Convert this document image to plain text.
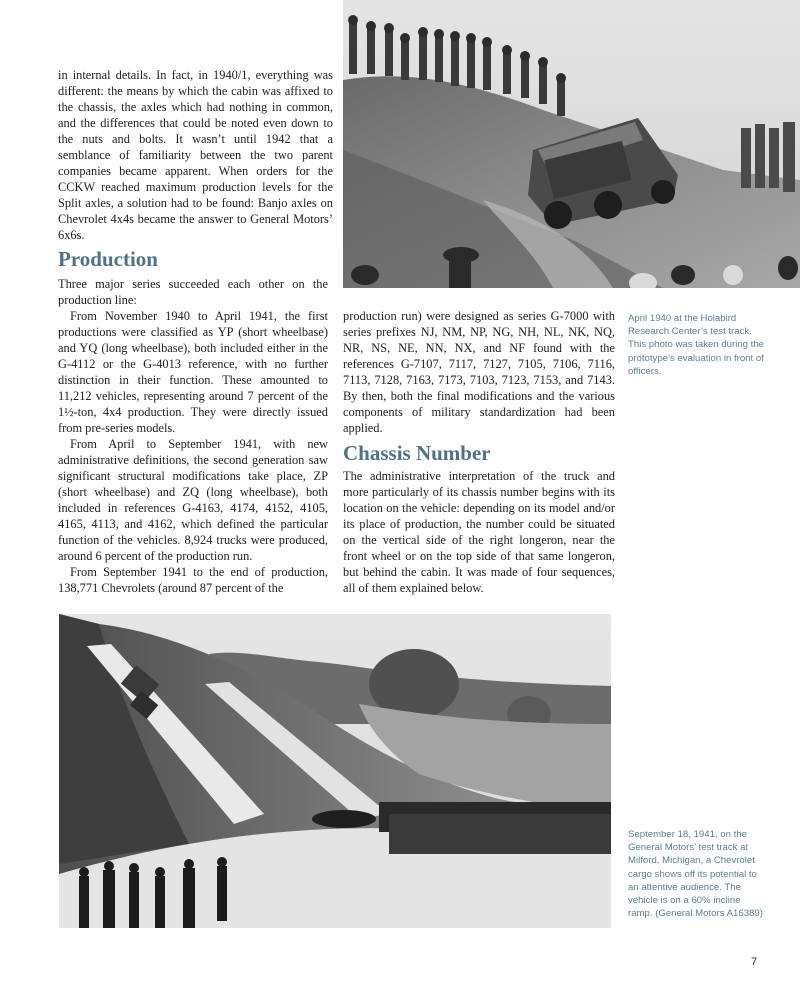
April 1940 at the Holabird Research Center’s test track. This photo was taken during the prototype’s evaluation in front of officers.

in internal details. In fact, in 1940/1, everything was different: the means by which the cabin was affixed to the chassis, the axles which had nothing in common, and the differences that could be noted even down to the nuts and bolts. It wasn’t until 1942 that a semblance of familiarity between the two parent companies became apparent. When orders for the CCKW reached maximum production levels for the Split axles, a solution had to be found: Banjo axles on Chevrolet 4x4s became the answer to General Motors’ 6x6s.

Production

Three major series succeeded each other on the production line:

From November 1940 to April 1941, the first productions were classified as YP (short wheelbase) and YQ (long wheelbase), both included either in the G-4112 or the G-4013 reference, with no further distinction in their function. These amounted to 11,212 vehicles, representing around 7 percent of the 1½-ton, 4x4 production. They were directly issued from pre-series models.

From April to September 1941, with new administrative definitions, the second generation saw significant structural modifications take place, ZP (short wheelbase) and ZQ (long wheelbase), both included in references G-4163, 4174, 4152, 4105, 4165, 4113, and 4162, which defined the particular function of the vehicles. 8,924 trucks were produced, around 6 percent of the production run.

From September 1941 to the end of production, 138,771 Chevrolets (around 87 percent of the

production run) were designed as series G-7000 with series prefixes NJ, NM, NP, NG, NH, NL, NK, NQ, NR, NS, NE, NN, NX, and NF found with the references G-7107, 7117, 7127, 7105, 7106, 7116, 7113, 7128, 7163, 7173, 7103, 7123, 7153, and 7143. By then, both the final modifications and the various components of military standardization had been applied.

Chassis Number

The administrative interpretation of the truck and more particularly of its chassis number begins with its location on the vehicle: depending on its model and/or its place of production, the number could be situated on the vertical side of the right longeron, near the front wheel or on the top side of that same longeron, but behind the cabin. It was made of four sequences, all of them explained below.

September 18, 1941, on the General Motors’ test track at Milford, Michigan, a Chevrolet cargo shows off its potential to an attentive audience. The vehicle is on a 60% incline ramp. (General Motors A16389)
7
